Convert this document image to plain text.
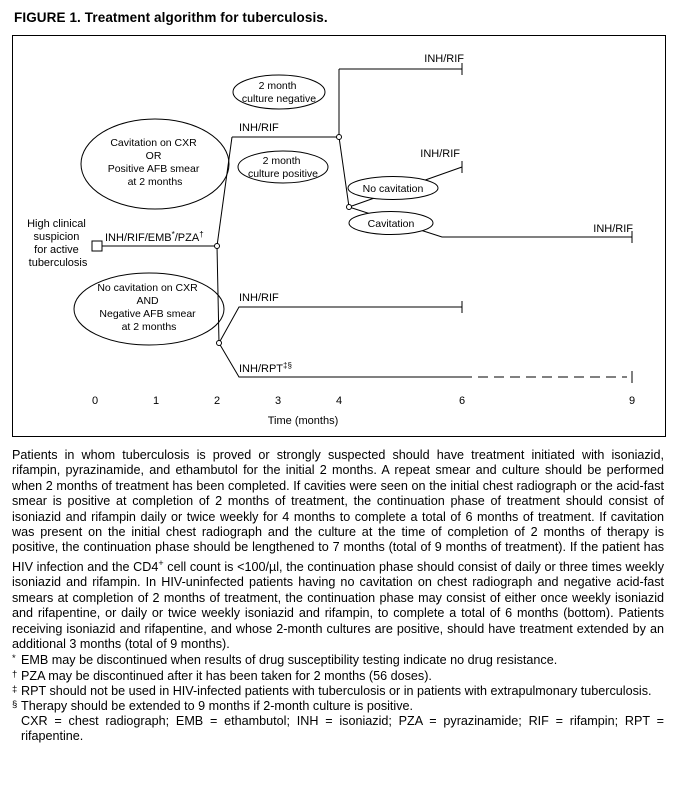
FIGURE 1. Treatment algorithm for tuberculosis.
Cavitation on CXR OR Positive AFB smear at 2 months
No cavitation on CXR AND Negative AFB smear at 2 months
2 month culture negative
2 month culture positive
No cavitation
Cavitation
High clinical suspicion for active tuberculosis
INH/RIF/EMB*/PZA†
INH/RIF
INH/RIF
INH/RIF
INH/RIF
INH/RIF
INH/RPT‡§
0	1	2	3	4	6	9
Time (months)
Patients in whom tuberculosis is proved or strongly suspected should have treatment initiated with isoniazid, rifampin, pyrazinamide, and ethambutol for the initial 2 months. A repeat smear and culture should be performed when 2 months of treatment has been completed. If cavities were seen on the initial chest radiograph or the acid-fast smear is positive at completion of 2 months of treatment, the continuation phase of treatment should consist of isoniazid and rifampin daily or twice weekly for 4 months to complete a total of 6 months of treatment. If cavitation was present on the initial chest radiograph and the culture at the time of completion of 2 months of therapy is positive, the continuation phase should be lengthened to 7 months (total of 9 months of treatment). If the patient has HIV infection and the CD4+ cell count is <100/µl, the continuation phase should consist of daily or three times weekly isoniazid and rifampin. In HIV-uninfected patients having no cavitation on chest radiograph and negative acid-fast smears at completion of 2 months of treatment, the continuation phase may consist of either once weekly isoniazid and rifapentine, or daily or twice weekly isoniazid and rifampin, to complete a total of 6 months (bottom). Patients receiving isoniazid and rifapentine, and whose 2-month cultures are positive, should have treatment extended by an additional 3 months (total of 9 months).
* EMB may be discontinued when results of drug susceptibility testing indicate no drug resistance.
† PZA may be discontinued after it has been taken for 2 months (56 doses).
‡ RPT should not be used in HIV-infected patients with tuberculosis or in patients with extrapulmonary tuberculosis.
§ Therapy should be extended to 9 months if 2-month culture is positive.
CXR = chest radiograph; EMB = ethambutol; INH = isoniazid; PZA = pyrazinamide; RIF = rifampin; RPT = rifapentine.
